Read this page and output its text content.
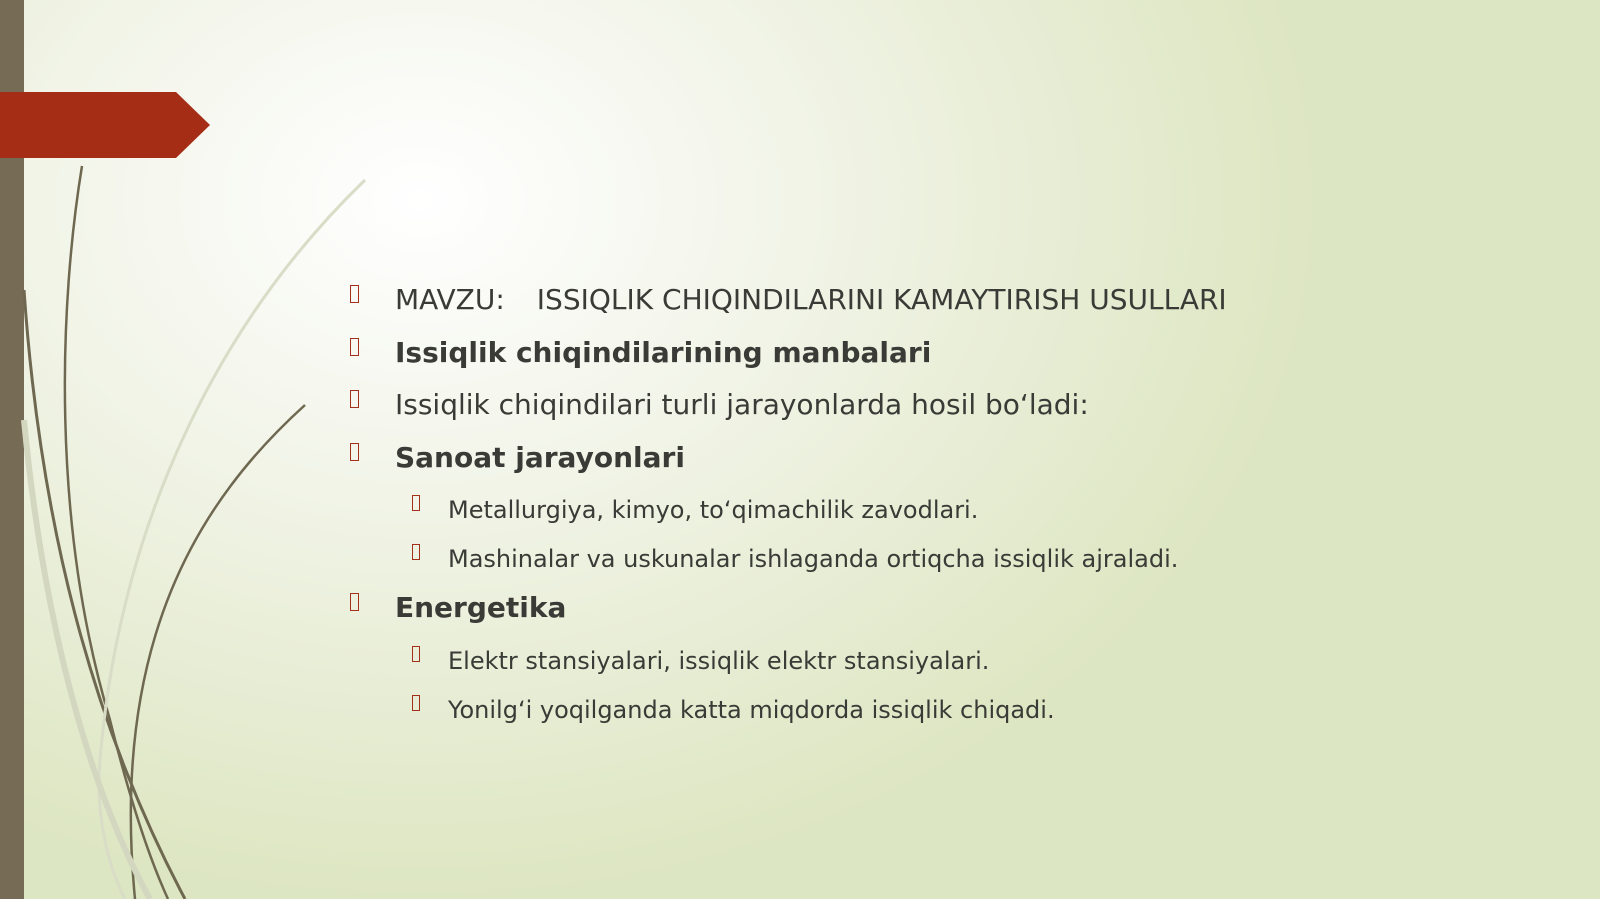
MAVZU: ISSIQLIK CHIQINDILARINI KAMAYTIRISH USULLARI
Issiqlik chiqindilarining manbalari
Issiqlik chiqindilari turli jarayonlarda hosil bo‘ladi:
Sanoat jarayonlari
Metallurgiya, kimyo, to‘qimachilik zavodlari.
Mashinalar va uskunalar ishlaganda ortiqcha issiqlik ajraladi.
Energetika
Elektr stansiyalari, issiqlik elektr stansiyalari.
Yonilg‘i yoqilganda katta miqdorda issiqlik chiqadi.
